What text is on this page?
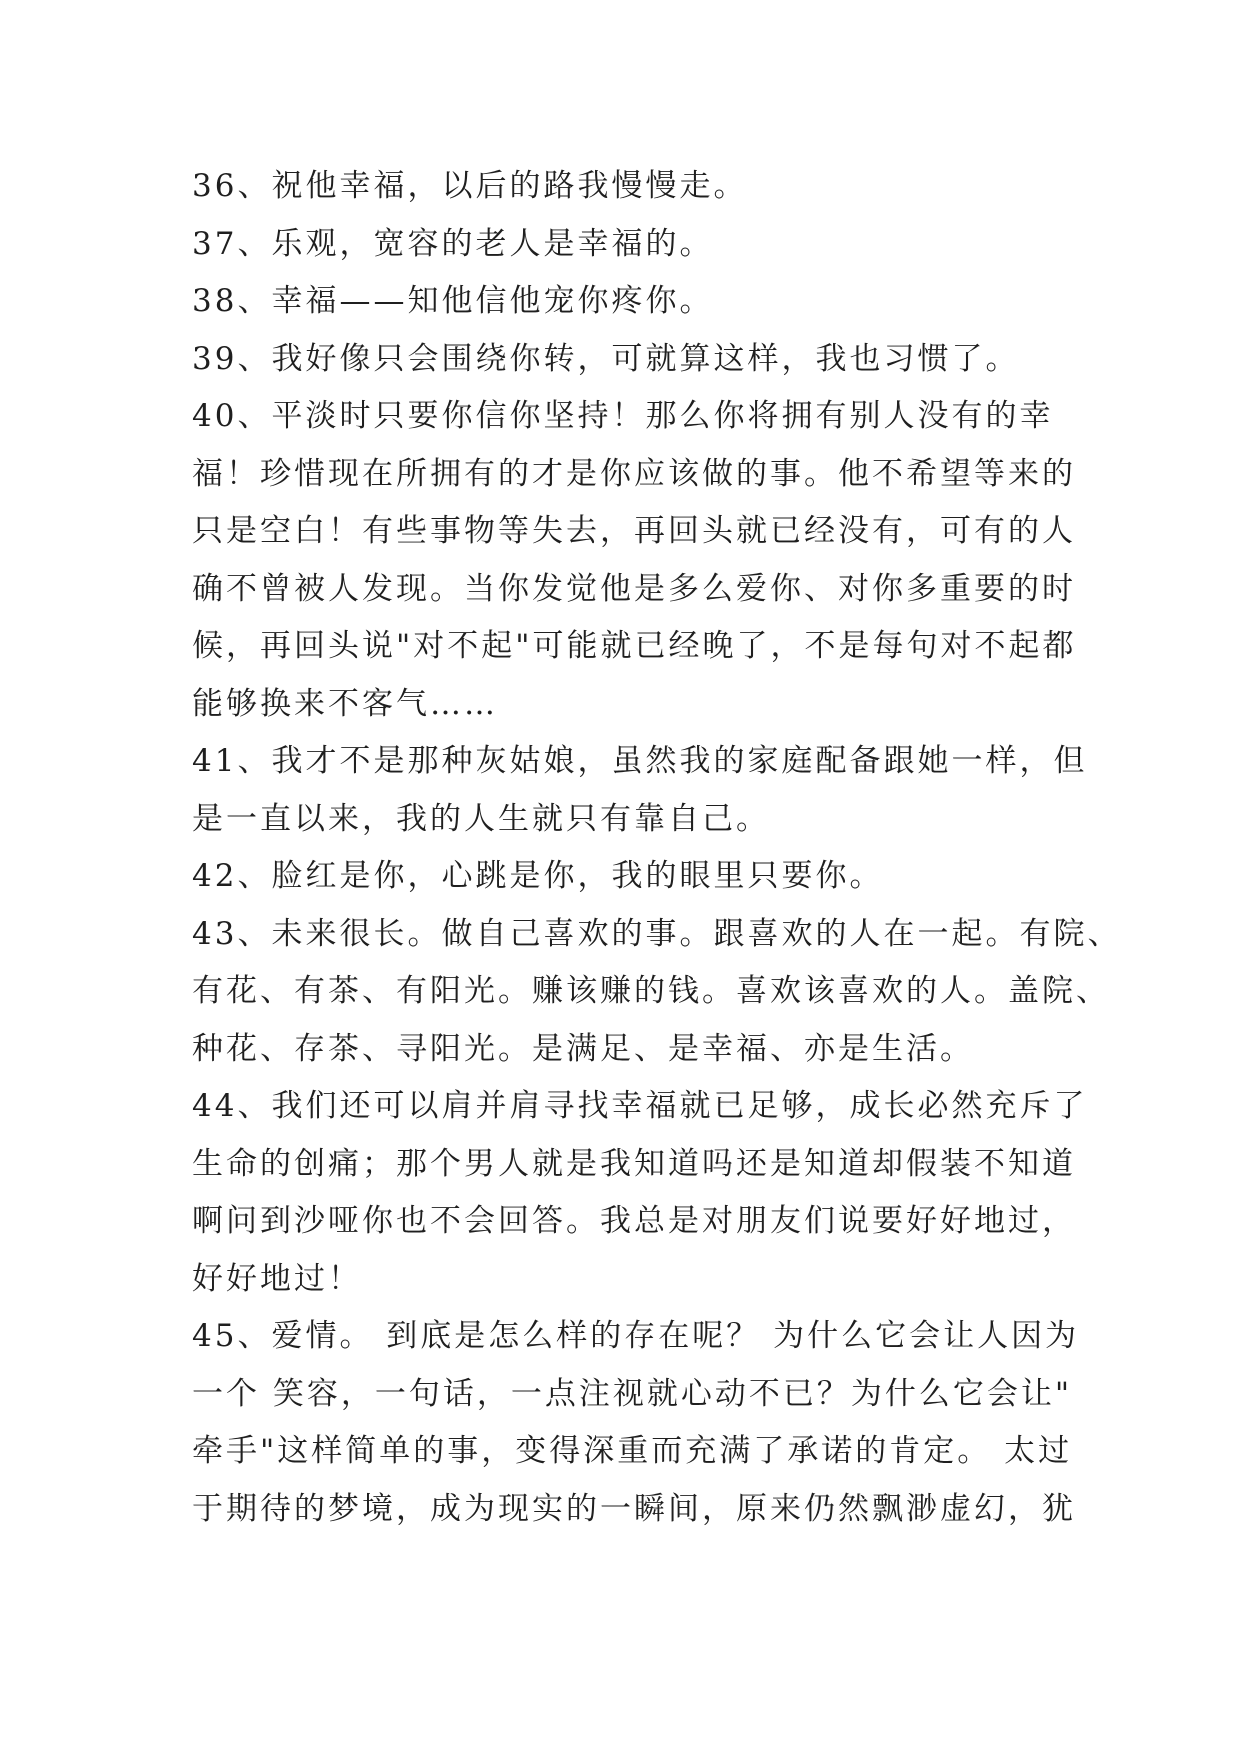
36、祝他幸福，以后的路我慢慢走。
37、乐观，宽容的老人是幸福的。
38、幸福——知他信他宠你疼你。
39、我好像只会围绕你转，可就算这样，我也习惯了。
40、平淡时只要你信你坚持！那么你将拥有别人没有的幸
福！珍惜现在所拥有的才是你应该做的事。他不希望等来的
只是空白！有些事物等失去，再回头就已经没有，可有的人
确不曾被人发现。当你发觉他是多么爱你、对你多重要的时
候，再回头说"对不起"可能就已经晚了，不是每句对不起都
能够换来不客气……
41、我才不是那种灰姑娘，虽然我的家庭配备跟她一样，但
是一直以来，我的人生就只有靠自己。
42、脸红是你，心跳是你，我的眼里只要你。
43、未来很长。做自己喜欢的事。跟喜欢的人在一起。有院、
有花、有茶、有阳光。赚该赚的钱。喜欢该喜欢的人。盖院、
种花、存茶、寻阳光。是满足、是幸福、亦是生活。
44、我们还可以肩并肩寻找幸福就已足够，成长必然充斥了
生命的创痛；那个男人就是我知道吗还是知道却假装不知道
啊问到沙哑你也不会回答。我总是对朋友们说要好好地过，
好好地过！
45、爱情。 到底是怎么样的存在呢？ 为什么它会让人因为
一个 笑容，一句话，一点注视就心动不已？为什么它会让"
牵手"这样简单的事，变得深重而充满了承诺的肯定。 太过
于期待的梦境，成为现实的一瞬间，原来仍然飘渺虚幻，犹
